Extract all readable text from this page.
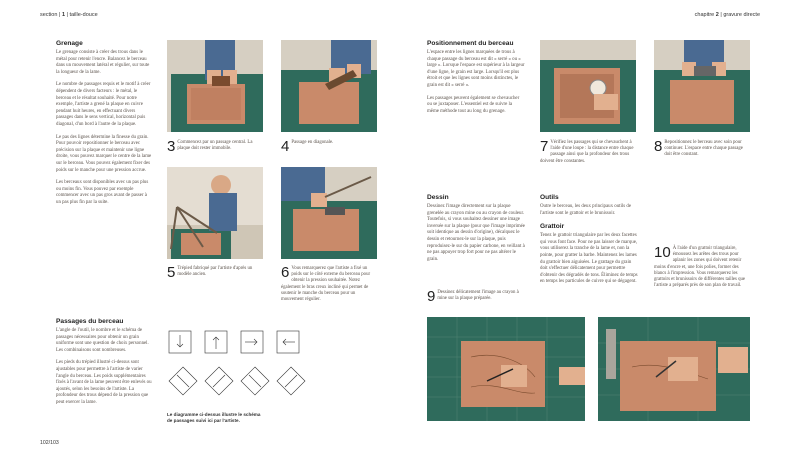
section | 1 | taille-douce	chapitre 2 | gravure directe
Grenage

Le grenage consiste à créer des trous dans le métal pour retenir l'encre. Balancez le berceau dans un mouvement latéral et régulier, sur toute la longueur de la lame.

Le nombre de passages requis et le motif à créer dépendent de divers facteurs : le métal, le berceau et le résultat souhaité. Pour notre exemple, l'artiste a grené la plaque en cuivre pendant huit heures, en effectuant divers passages dans le sens vertical, horizontal puis diagonal, d'un bord à l'autre de la plaque.

Le pas des lignes détermine la finesse du grain. Pour pouvoir repositionner le berceau avec précision sur la plaque et maintenir une ligne droite, vous pouvez marquer le centre de la lame sur le berceau. Vous pouvez également fixer des poids sur le manche pour une pression accrue.

Les berceaux sont disponibles avec un pas plus ou moins fin. Vous pouvez par exemple commencer avec un pas gros avant de passer à un pas plus fin par la suite.

Passages du berceau

L'angle de l'outil, le nombre et le schéma de passages nécessaires pour obtenir un grain uniforme sont une question de choix personnel. Les combinaisons sont nombreuses.

Les pieds du trépied illustré ci-dessus sont ajustables pour permettre à l'artiste de varier l'angle du berceau. Les poids supplémentaires fixés à l'avant de la lame peuvent être enlevés ou ajoutés, selon les besoins de l'artiste. La profondeur des trous dépend de la pression que peut exercer la lame.

3 Commencez par un passage central. La plaque doit rester immobile.	4 Passage en diagonale.
5 Trépied fabriqué par l'artiste d'après un modèle ancien.	6 Vous remarquerez que l'artiste a fixé un poids sur le côté externe du berceau pour obtenir la pression souhaitée. Notez également le bras creux incliné qui permet de soutenir le manche du berceau pour un mouvement régulier.
Le diagramme ci-dessus illustre le schéma de passages suivi ici par l'artiste.
Positionnement du berceau

L'espace entre les lignes marquées de trous à chaque passage du berceau est dit « serré » ou « large ». Lorsque l'espace est supérieur à la largeur d'une ligne, le grain est large. Lorsqu'il est plus étroit et que les lignes sont moins distinctes, le grain est dit « serré ».

Les passages peuvent également se chevaucher ou se juxtaposer. L'essentiel est de suivre la même méthode tout au long du grenage.

7 Vérifiez les passages qui se chevauchent à l'aide d'une loupe : la distance entre chaque passage ainsi que la profondeur des trous doivent être constantes.
8 Repositionnez le berceau avec soin pour continuer. L'espace entre chaque passage doit être constant.
Dessin

Dessinez l'image directement sur la plaque grenelée au crayon mine ou au crayon de couleur. Toutefois, si vous souhaitez dessiner une image inversée sur la plaque (pour que l'image imprimée soit identique au dessin d'origine), décalquez le dessin et retournez-le sur la plaque, puis reproduisez-le sur du papier carbone, en veillant à ne pas appuyer trop fort pour ne pas altérer le grain.

Outils

Outre le berceau, les deux principaux outils de l'artiste sont le grattoir et le brunissoir.

Grattoir

Tenez le grattoir triangulaire par les deux facettes qui vous font face. Pour ne pas laisser de marque, vous utiliserez la tranche de la lame et, non la pointe, pour gratter la barbe. Maintenez les lames du grattoir bien aiguisées. Le grattage du grain doit s'effectuer délicatement pour permettre d'obtenir des dégradés de tons. Éliminez de temps en temps les particules de cuivre qui se dégagent.

9 Dessinez délicatement l'image au crayon à mine sur la plaque préparée.
10 À l'aide d'un grattoir triangulaire, émoussez les arêtes des trous pour aplanir les zones qui doivent retenir moins d'encre et, une fois polies, former des blancs à l'impression. Vous remarquerez les grattoirs et brunissoirs de différentes tailles que l'artiste a préparés près de son plan de travail.
102/103
